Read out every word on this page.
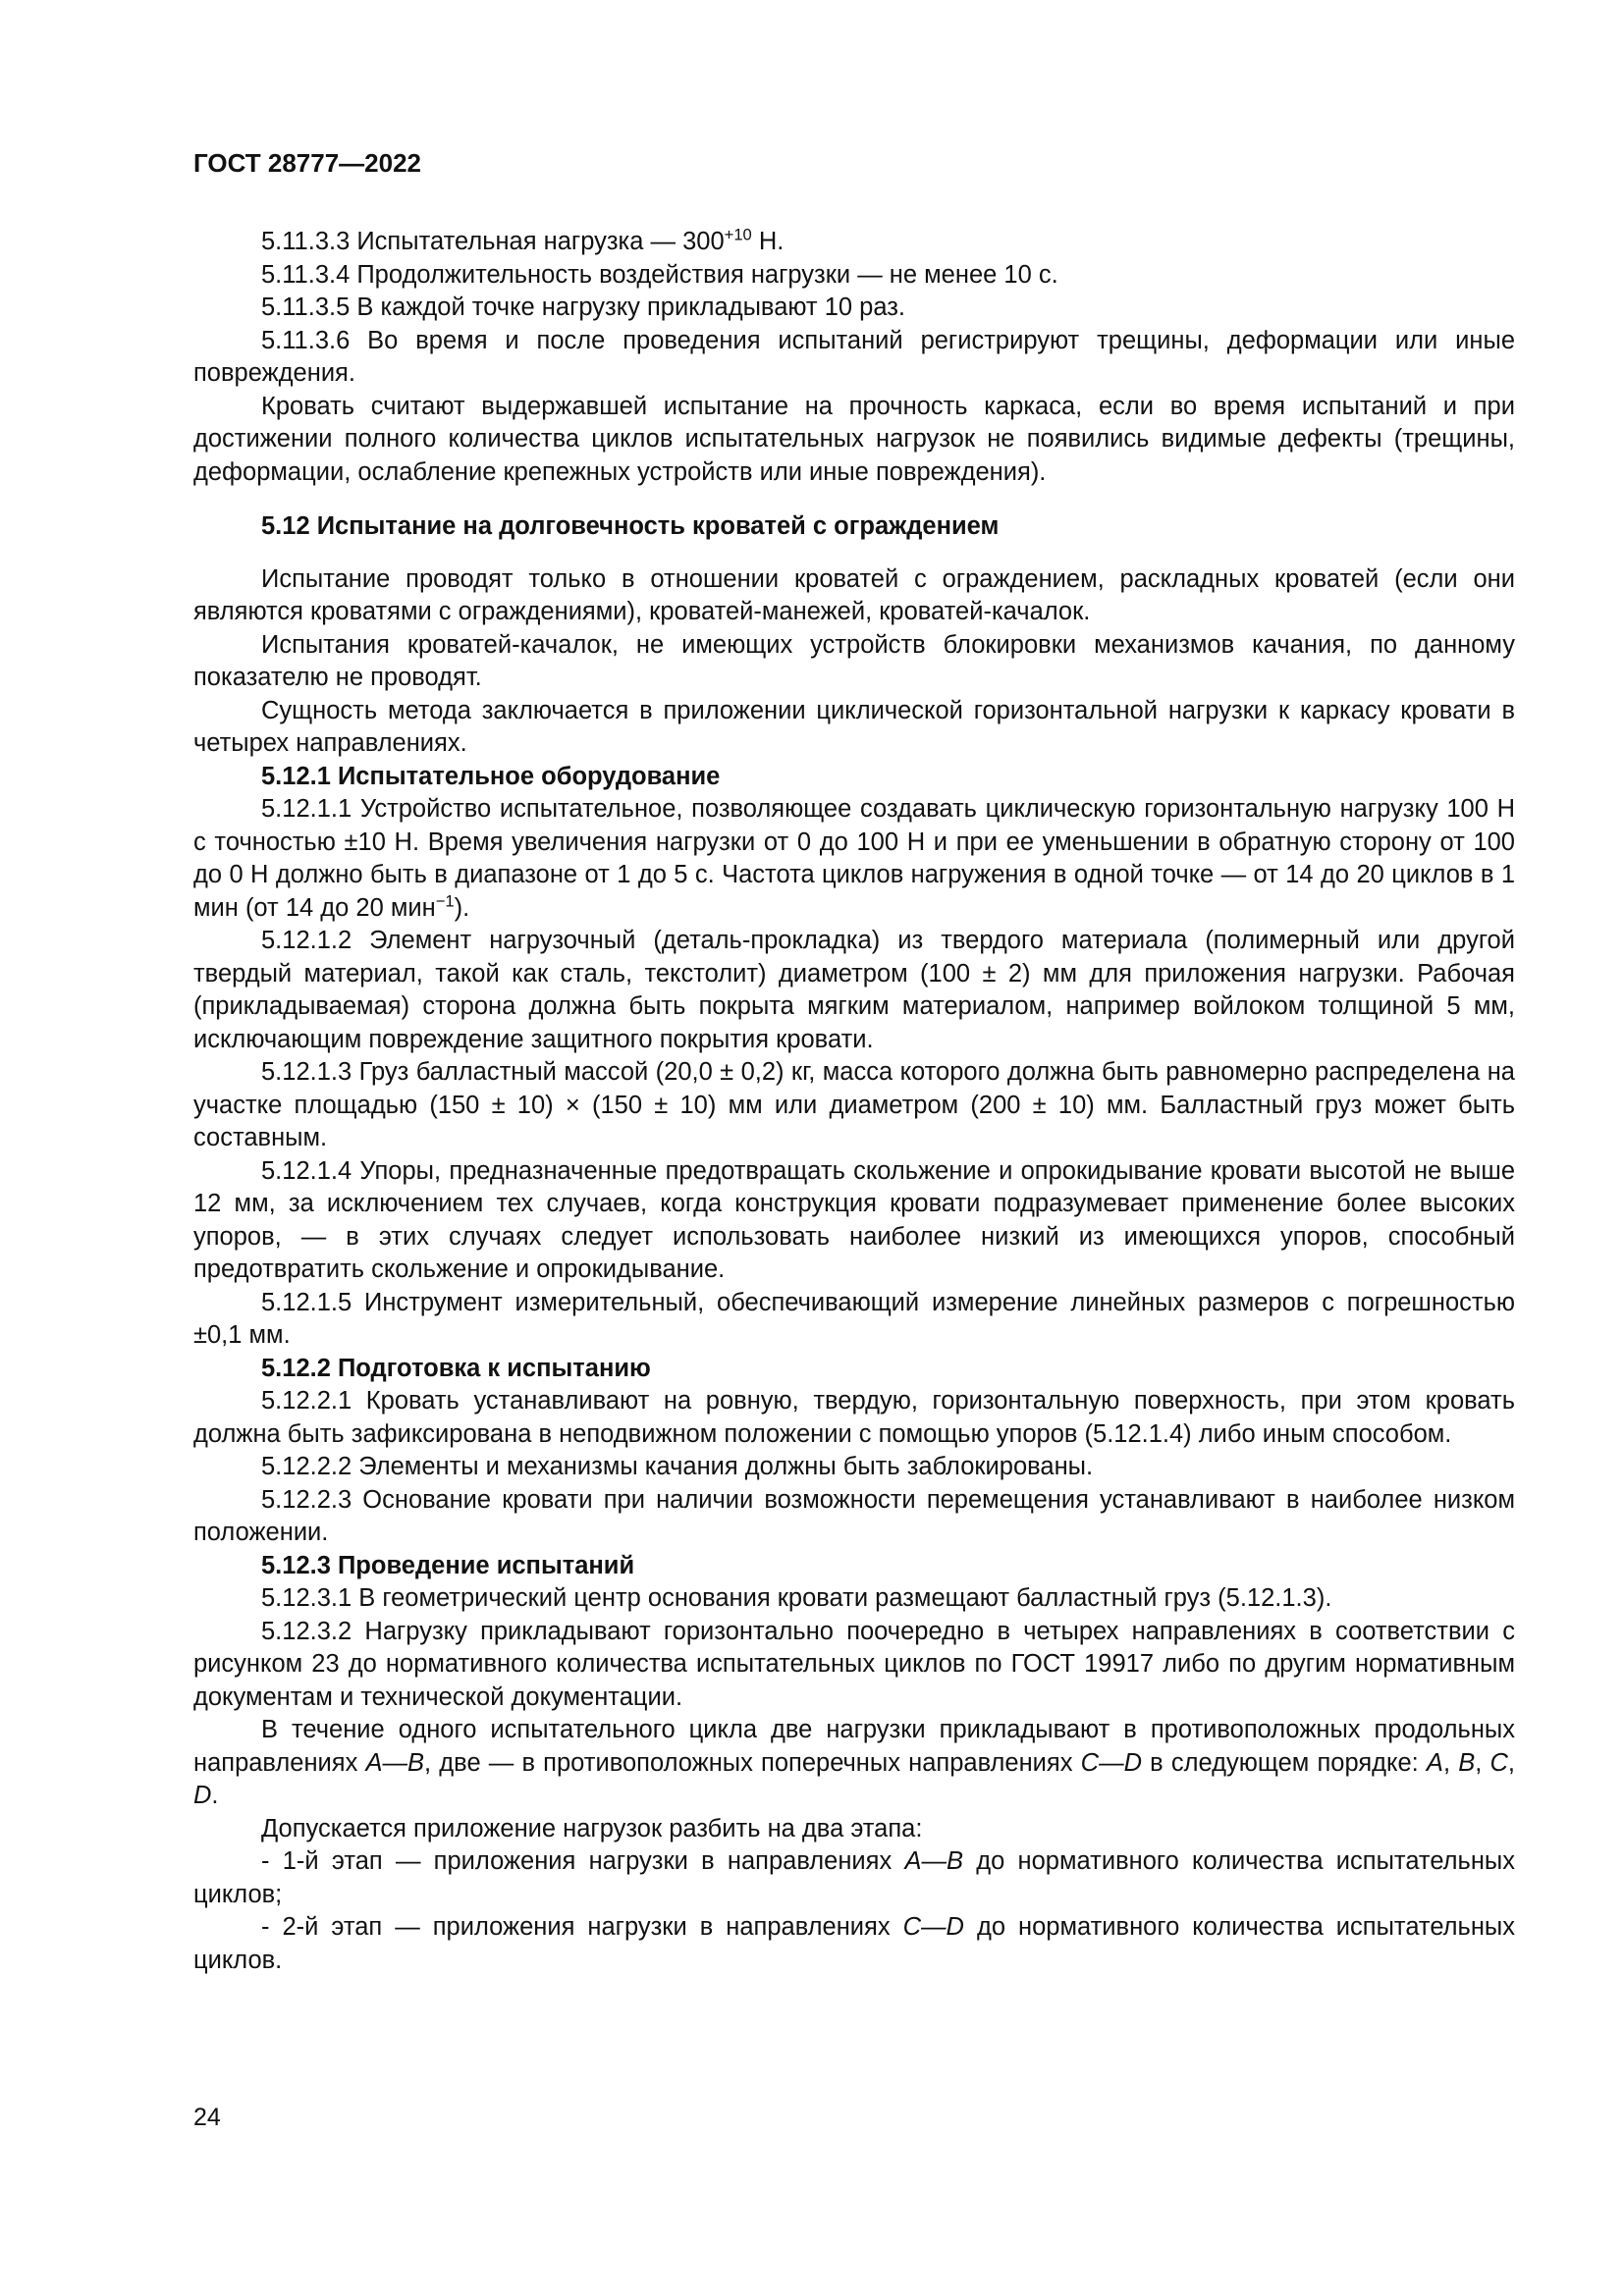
ГОСТ 28777—2022

5.11.3.3 Испытательная нагрузка — $300^{+10}$ Н.

5.11.3.4 Продолжительность воздействия нагрузки — не менее 10 с.

5.11.3.5 В каждой точке нагрузку прикладывают 10 раз.

5.11.3.6 Во время и после проведения испытаний регистрируют трещины, деформации или иные повреждения.

Кровать считают выдержавшей испытание на прочность каркаса, если во время испытаний и при достижении полного количества циклов испытательных нагрузок не появились видимые дефекты (трещины, деформации, ослабление крепежных устройств или иные повреждения).

5.12 Испытание на долговечность кроватей с ограждением

Испытание проводят только в отношении кроватей с ограждением, раскладных кроватей (если они являются кроватями с ограждениями), кроватей-манежей, кроватей-качалок.

Испытания кроватей-качалок, не имеющих устройств блокировки механизмов качания, по данному показателю не проводят.

Сущность метода заключается в приложении циклической горизонтальной нагрузки к каркасу кровати в четырех направлениях.

5.12.1 Испытательное оборудование

5.12.1.1 Устройство испытательное, позволяющее создавать циклическую горизонтальную нагрузку 100 Н с точностью ±10 Н. Время увеличения нагрузки от 0 до 100 Н и при ее уменьшении в обратную сторону от 100 до 0 Н должно быть в диапазоне от 1 до 5 с. Частота циклов нагружения в одной точке — от 14 до 20 циклов в 1 мин (от 14 до 20 мин$^{-1}$).

5.12.1.2 Элемент нагрузочный (деталь-прокладка) из твердого материала (полимерный или другой твердый материал, такой как сталь, текстолит) диаметром (100 ± 2) мм для приложения нагрузки. Рабочая (прикладываемая) сторона должна быть покрыта мягким материалом, например войлоком толщиной 5 мм, исключающим повреждение защитного покрытия кровати.

5.12.1.3 Груз балластный массой (20,0 ± 0,2) кг, масса которого должна быть равномерно распределена на участке площадью (150 ± 10) × (150 ± 10) мм или диаметром (200 ± 10) мм. Балластный груз может быть составным.

5.12.1.4 Упоры, предназначенные предотвращать скольжение и опрокидывание кровати высотой не выше 12 мм, за исключением тех случаев, когда конструкция кровати подразумевает применение более высоких упоров, — в этих случаях следует использовать наиболее низкий из имеющихся упоров, способный предотвратить скольжение и опрокидывание.

5.12.1.5 Инструмент измерительный, обеспечивающий измерение линейных размеров с погрешностью ±0,1 мм.

5.12.2 Подготовка к испытанию

5.12.2.1 Кровать устанавливают на ровную, твердую, горизонтальную поверхность, при этом кровать должна быть зафиксирована в неподвижном положении с помощью упоров (5.12.1.4) либо иным способом.

5.12.2.2 Элементы и механизмы качания должны быть заблокированы.

5.12.2.3 Основание кровати при наличии возможности перемещения устанавливают в наиболее низком положении.

5.12.3 Проведение испытаний

5.12.3.1 В геометрический центр основания кровати размещают балластный груз (5.12.1.3).

5.12.3.2 Нагрузку прикладывают горизонтально поочередно в четырех направлениях в соответствии с рисунком 23 до нормативного количества испытательных циклов по ГОСТ 19917 либо по другим нормативным документам и технической документации.

В течение одного испытательного цикла две нагрузки прикладывают в противоположных продольных направлениях A—B, две — в противоположных поперечных направлениях C—D в следующем порядке: A, B, C, D.

Допускается приложение нагрузок разбить на два этапа:

- 1-й этап — приложения нагрузки в направлениях A—B до нормативного количества испытательных циклов;

- 2-й этап — приложения нагрузки в направлениях C—D до нормативного количества испытательных циклов.

24
